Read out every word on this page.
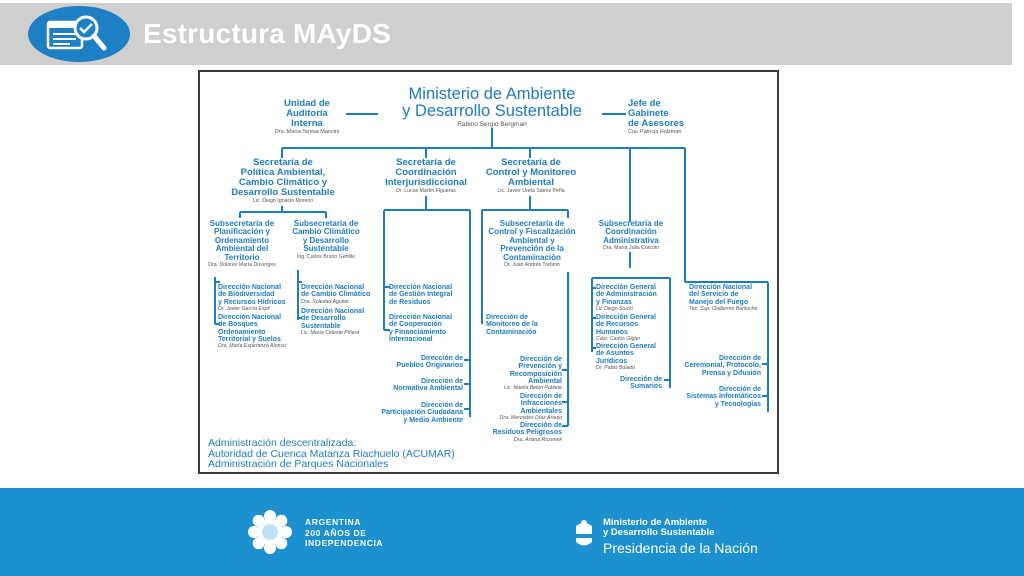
Estructura MAyDS
Ministerio de Ambiente
y Desarrollo Sustentable
Rabino Sergio Bergman
Unidad de
Auditoría
Interna
Dra. María Teresa Mancini
Jefe de
Gabinete
de Asesores
Cra. Patricia Holzman
Secretaría de
Política Ambiental,
Cambio Climático y
Desarrollo Sustentable
Lic. Diego Ignacio Moreno
Secretaría de
Coordinación
Interjurisdiccional
Dr. Lucas Martín Figueras
Secretaría de
Control y Monitoreo
Ambiental
Lic. Javier Ureta Sáenz Peña
Subsecretaría de
Planificación y
Ordenamiento
Ambiental del
Territorio
Dra. Dolores María Duverges
Subsecretaría de
Cambio Climático
y Desarrollo
Sustentable
Ing. Carlos Bruno Gentile
Subsecretaría de
Control y Fiscalización
Ambiental y
Prevención de la
Contaminación
Dr. Juan Andrés Trebino
Subsecretaría de
Coordinación
Administrativa
Dra. María Julia Cúrcolo
Dirección Nacional
de Biodiversidad
y Recursos Hídricos
Dr. Javier García Espil
Dirección Nacional
de Bosques
Ordenamiento
Territorial y Suelos
Dra. María Esperanza Alonso
Dirección Nacional
de Cambio Climático
Dra. Soledad Aguilar
Dirección Nacional
de Desarrollo
Sustentable
Lic. María Celeste Piñera
Dirección Nacional
de Gestión Integral
de Residuos
Dirección Nacional
de Cooperación
y Financiamiento
Internacional
Dirección de
Pueblos Originarios
Dirección de
Normativa Ambiental
Dirección de
Participación Ciudadana
y Medio Ambiente
Dirección de
Monitoreo de la
Contaminación
Dirección de
Prevención y
Recomposición
Ambiental
Lic. Noelia Belén Poblete
Dirección de
Infracciones
Ambientales
Dra. Mercedes Díaz Araujo
Dirección de
Residuos Peligrosos
Dra. Ariana Rozenek
Dirección General
de Administración
y Finanzas
Lic Diego Siucki
Dirección General
de Recursos
Humanos
Cdor. Carlos Gigler
Dirección General
de Asuntos
Jurídicos
Dr. Pablo Bolado
Dirección de
Sumarios
Dirección Nacional
del Servicio de
Manejo del Fuego
Tec. Sup. Guillermo Bariloche
Dirección de
Ceremonial, Protocolo,
Prensa y Difusión
Dirección de
Sistemas Informáticos
y Tecnologías
Administración descentralizada:
Autoridad de Cuenca Matanza Riachuelo (ACUMAR)
Administración de Parques Nacionales
ARGENTINA
200 AÑOS DE
INDEPENDENCIA
Ministerio de Ambiente
y Desarrollo Sustentable
Presidencia de la Nación
